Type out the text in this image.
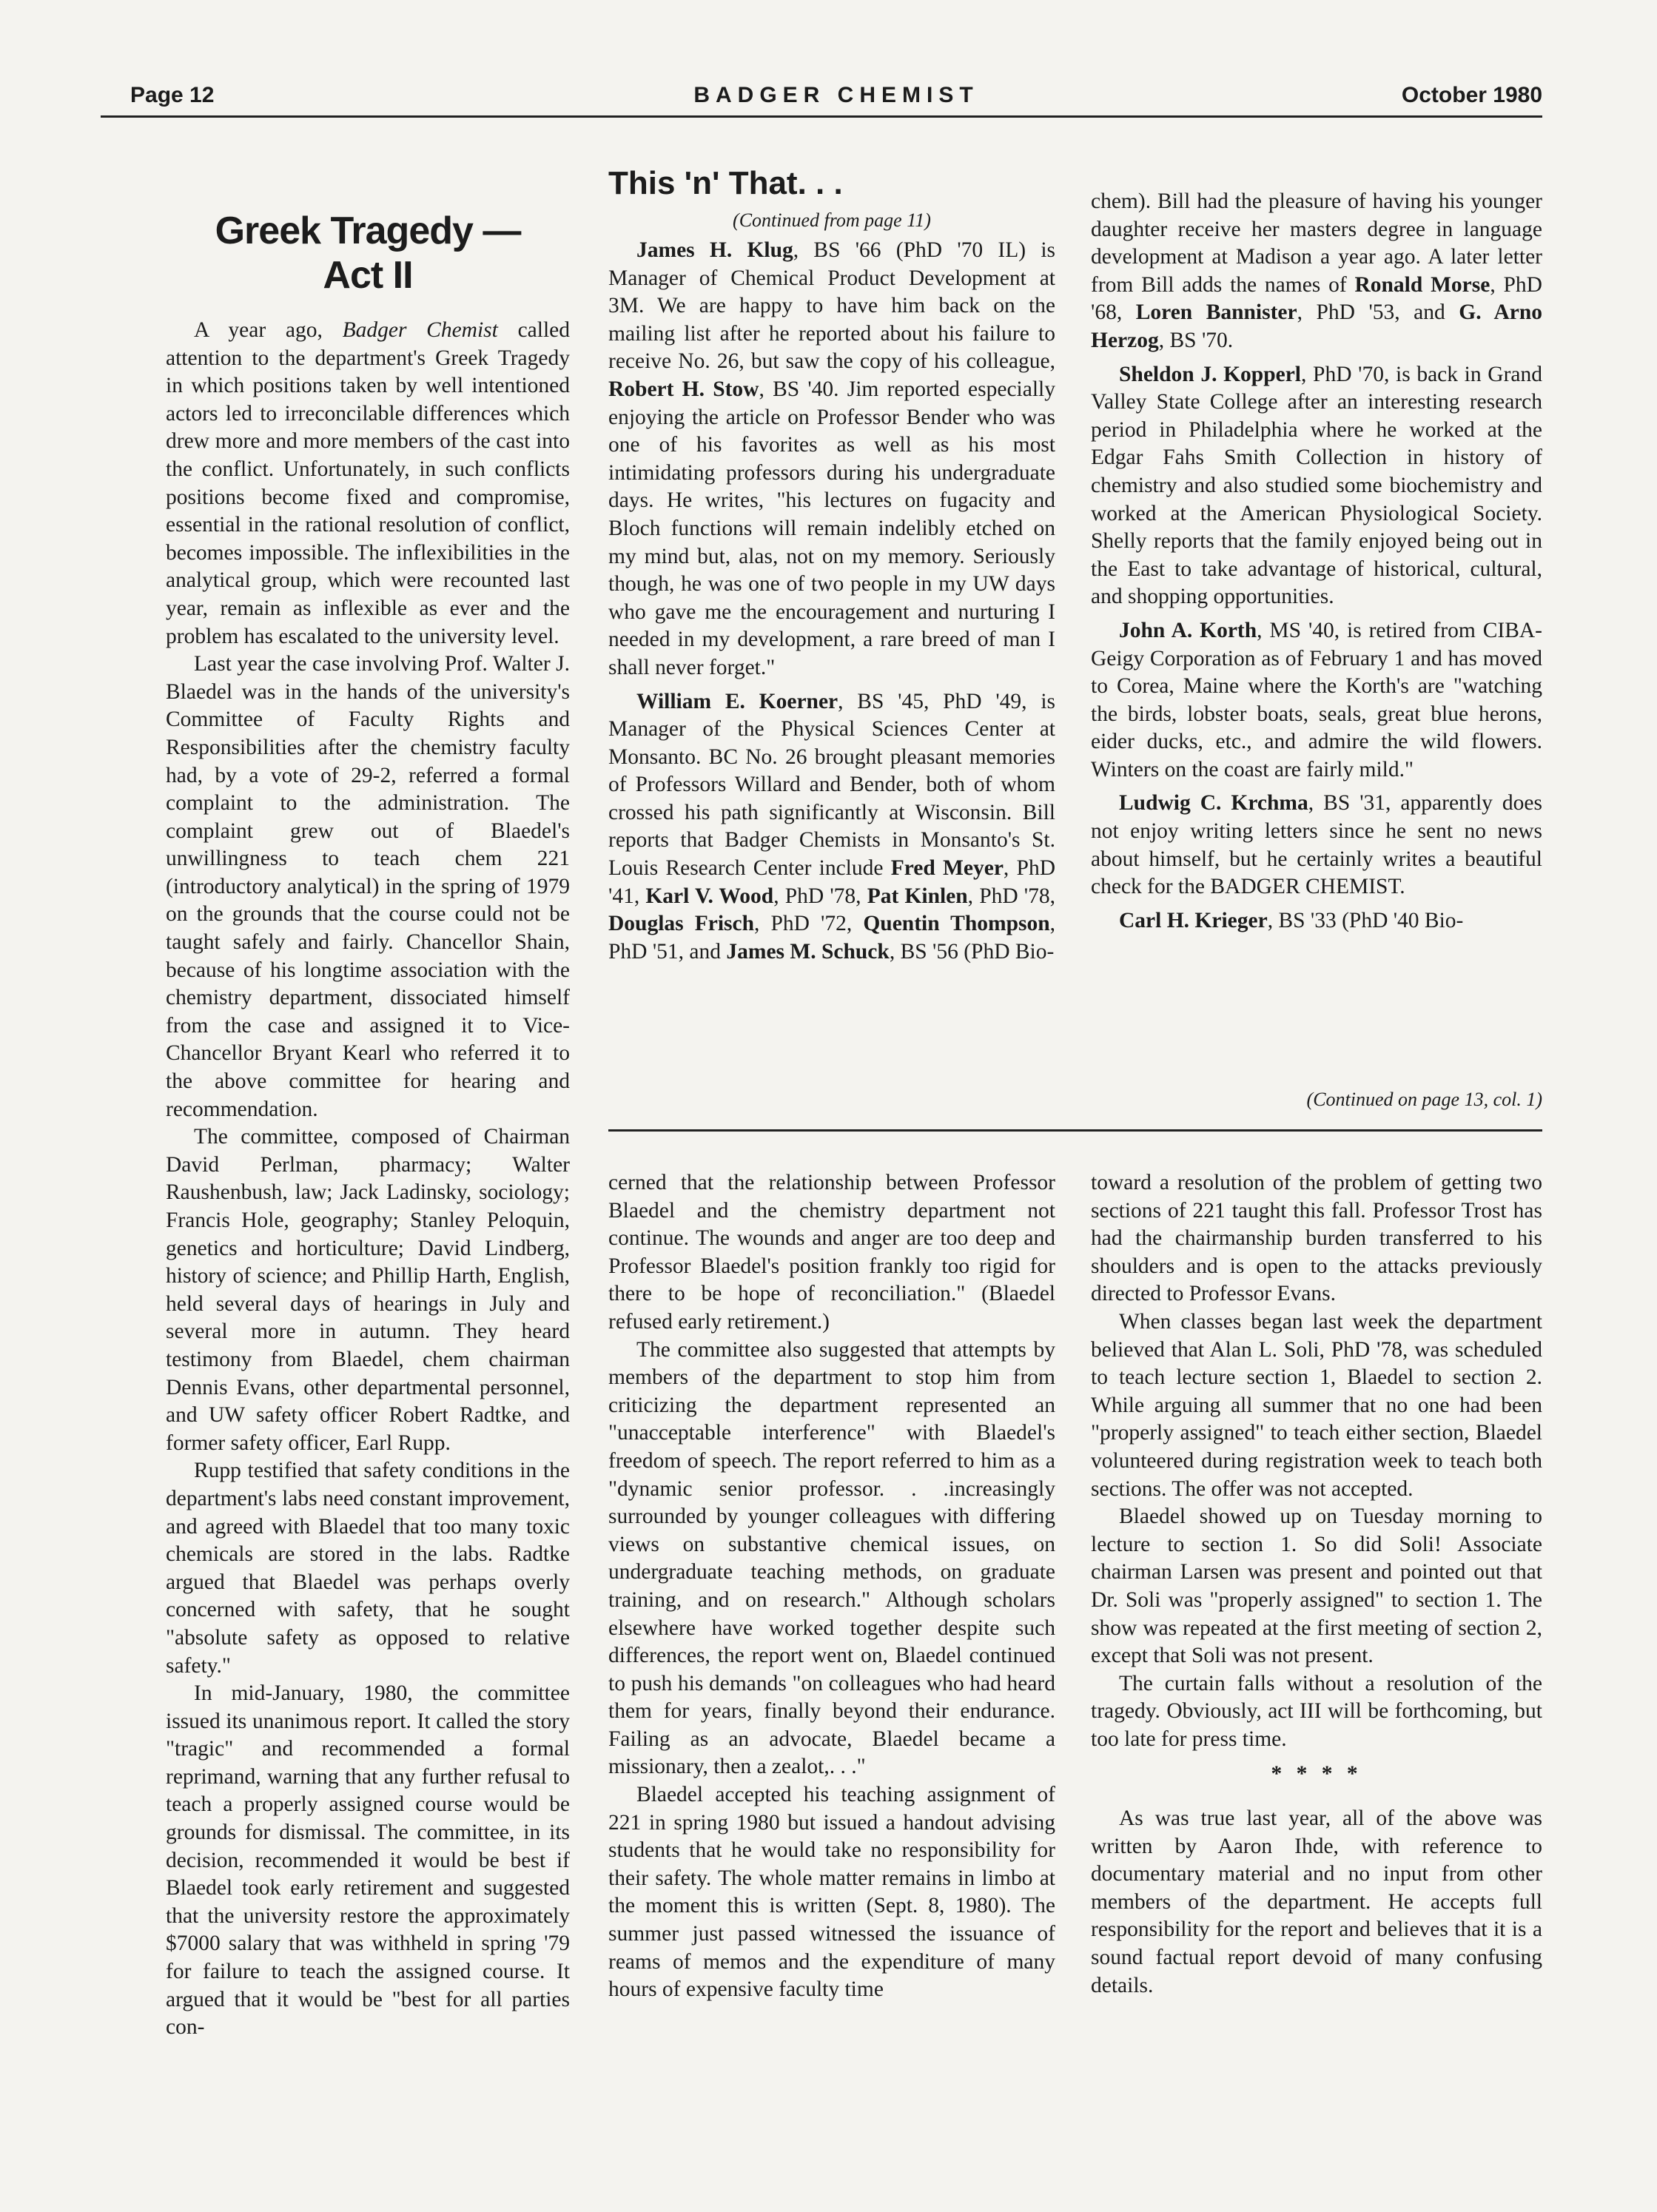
Page 12	BADGER CHEMIST	October 1980
Greek Tragedy —
Act II

A year ago, Badger Chemist called attention to the department's Greek Tragedy in which positions taken by well intentioned actors led to irreconcilable differences which drew more and more members of the cast into the conflict. Unfortunately, in such conflicts positions become fixed and compromise, essential in the rational resolution of conflict, becomes impossible. The inflexibilities in the analytical group, which were recounted last year, remain as inflexible as ever and the problem has escalated to the university level.

Last year the case involving Prof. Walter J. Blaedel was in the hands of the university's Committee of Faculty Rights and Responsibilities after the chemistry faculty had, by a vote of 29-2, referred a formal complaint to the administration. The complaint grew out of Blaedel's unwillingness to teach chem 221 (introductory analytical) in the spring of 1979 on the grounds that the course could not be taught safely and fairly. Chancellor Shain, because of his longtime association with the chemistry department, dissociated himself from the case and assigned it to Vice-Chancellor Bryant Kearl who referred it to the above committee for hearing and recommendation.

The committee, composed of Chairman David Perlman, pharmacy; Walter Raushenbush, law; Jack Ladinsky, sociology; Francis Hole, geography; Stanley Peloquin, genetics and horticulture; David Lindberg, history of science; and Phillip Harth, English, held several days of hearings in July and several more in autumn. They heard testimony from Blaedel, chem chairman Dennis Evans, other departmental personnel, and UW safety officer Robert Radtke, and former safety officer, Earl Rupp.

Rupp testified that safety conditions in the department's labs need constant improvement, and agreed with Blaedel that too many toxic chemicals are stored in the labs. Radtke argued that Blaedel was perhaps overly concerned with safety, that he sought "absolute safety as opposed to relative safety."

In mid-January, 1980, the committee issued its unanimous report. It called the story "tragic" and recommended a formal reprimand, warning that any further refusal to teach a properly assigned course would be grounds for dismissal. The committee, in its decision, recommended it would be best if Blaedel took early retirement and suggested that the university restore the approximately $7000 salary that was withheld in spring '79 for failure to teach the assigned course. It argued that it would be "best for all parties con-

This 'n' That. . .
(Continued from page 11)

James H. Klug, BS '66 (PhD '70 IL) is Manager of Chemical Product Development at 3M. We are happy to have him back on the mailing list after he reported about his failure to receive No. 26, but saw the copy of his colleague, Robert H. Stow, BS '40. Jim reported especially enjoying the article on Professor Bender who was one of his favorites as well as his most intimidating professors during his undergraduate days. He writes, "his lectures on fugacity and Bloch functions will remain indelibly etched on my mind but, alas, not on my memory. Seriously though, he was one of two people in my UW days who gave me the encouragement and nurturing I needed in my development, a rare breed of man I shall never forget."

William E. Koerner, BS '45, PhD '49, is Manager of the Physical Sciences Center at Monsanto. BC No. 26 brought pleasant memories of Professors Willard and Bender, both of whom crossed his path significantly at Wisconsin. Bill reports that Badger Chemists in Monsanto's St. Louis Research Center include Fred Meyer, PhD '41, Karl V. Wood, PhD '78, Pat Kinlen, PhD '78, Douglas Frisch, PhD '72, Quentin Thompson, PhD '51, and James M. Schuck, BS '56 (PhD Bio-

chem). Bill had the pleasure of having his younger daughter receive her masters degree in language development at Madison a year ago. A later letter from Bill adds the names of Ronald Morse, PhD '68, Loren Bannister, PhD '53, and G. Arno Herzog, BS '70.

Sheldon J. Kopperl, PhD '70, is back in Grand Valley State College after an interesting research period in Philadelphia where he worked at the Edgar Fahs Smith Collection in history of chemistry and also studied some biochemistry and worked at the American Physiological Society. Shelly reports that the family enjoyed being out in the East to take advantage of historical, cultural, and shopping opportunities.

John A. Korth, MS '40, is retired from CIBA-Geigy Corporation as of February 1 and has moved to Corea, Maine where the Korth's are "watching the birds, lobster boats, seals, great blue herons, eider ducks, etc., and admire the wild flowers. Winters on the coast are fairly mild."

Ludwig C. Krchma, BS '31, apparently does not enjoy writing letters since he sent no news about himself, but he certainly writes a beautiful check for the BADGER CHEMIST.

Carl H. Krieger, BS '33 (PhD '40 Bio-

(Continued on page 13, col. 1)

cerned that the relationship between Professor Blaedel and the chemistry department not continue. The wounds and anger are too deep and Professor Blaedel's position frankly too rigid for there to be hope of reconciliation." (Blaedel refused early retirement.)

The committee also suggested that attempts by members of the department to stop him from criticizing the department represented an "unacceptable interference" with Blaedel's freedom of speech. The report referred to him as a "dynamic senior professor. . .increasingly surrounded by younger colleagues with differing views on substantive chemical issues, on undergraduate teaching methods, on graduate training, and on research." Although scholars elsewhere have worked together despite such differences, the report went on, Blaedel continued to push his demands "on colleagues who had heard them for years, finally beyond their endurance. Failing as an advocate, Blaedel became a missionary, then a zealot,. . ."

Blaedel accepted his teaching assignment of 221 in spring 1980 but issued a handout advising students that he would take no responsibility for their safety. The whole matter remains in limbo at the moment this is written (Sept. 8, 1980). The summer just passed witnessed the issuance of reams of memos and the expenditure of many hours of expensive faculty time

toward a resolution of the problem of getting two sections of 221 taught this fall. Professor Trost has had the chairmanship burden transferred to his shoulders and is open to the attacks previously directed to Professor Evans.

When classes began last week the department believed that Alan L. Soli, PhD '78, was scheduled to teach lecture section 1, Blaedel to section 2. While arguing all summer that no one had been "properly assigned" to teach either section, Blaedel volunteered during registration week to teach both sections. The offer was not accepted.

Blaedel showed up on Tuesday morning to lecture to section 1. So did Soli! Associate chairman Larsen was present and pointed out that Dr. Soli was "properly assigned" to section 1. The show was repeated at the first meeting of section 2, except that Soli was not present.

The curtain falls without a resolution of the tragedy. Obviously, act III will be forthcoming, but too late for press time.

* * * *

As was true last year, all of the above was written by Aaron Ihde, with reference to documentary material and no input from other members of the department. He accepts full responsibility for the report and believes that it is a sound factual report devoid of many confusing details.
